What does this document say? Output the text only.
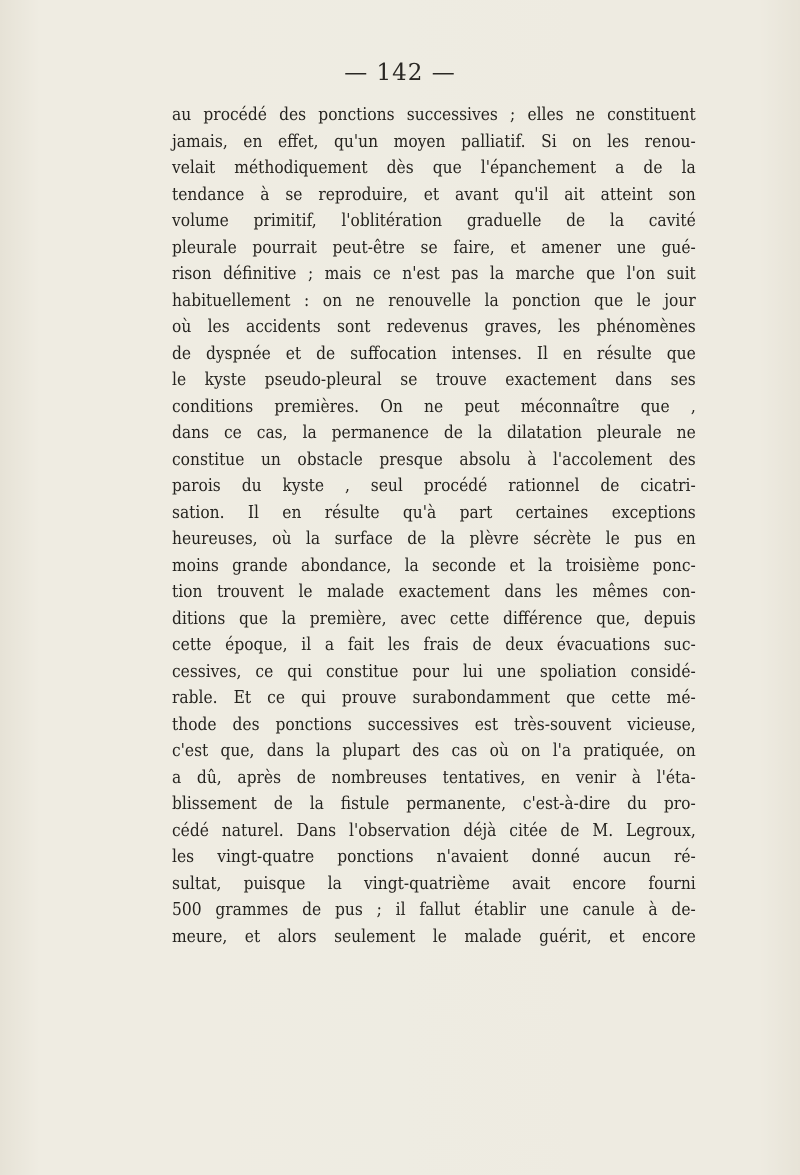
— 142 —
au procédé des ponctions successives ; elles ne constituent
jamais, en effet, qu'un moyen palliatif. Si on les renou-
velait méthodiquement dès que l'épanchement a de la
tendance à se reproduire, et avant qu'il ait atteint son
volume primitif, l'oblitération graduelle de la cavité
pleurale pourrait peut-être se faire, et amener une gué-
rison définitive ; mais ce n'est pas la marche que l'on suit
habituellement : on ne renouvelle la ponction que le jour
où les accidents sont redevenus graves, les phénomènes
de dyspnée et de suffocation intenses. Il en résulte que
le kyste pseudo-pleural se trouve exactement dans ses
conditions premières. On ne peut méconnaître que ,
dans ce cas, la permanence de la dilatation pleurale ne
constitue un obstacle presque absolu à l'accolement des
parois du kyste , seul procédé rationnel de cicatri-
sation. Il en résulte qu'à part certaines exceptions
heureuses, où la surface de la plèvre sécrète le pus en
moins grande abondance, la seconde et la troisième ponc-
tion trouvent le malade exactement dans les mêmes con-
ditions que la première, avec cette différence que, depuis
cette époque, il a fait les frais de deux évacuations suc-
cessives, ce qui constitue pour lui une spoliation considé-
rable. Et ce qui prouve surabondamment que cette mé-
thode des ponctions successives est très-souvent vicieuse,
c'est que, dans la plupart des cas où on l'a pratiquée, on
a dû, après de nombreuses tentatives, en venir à l'éta-
blissement de la fistule permanente, c'est-à-dire du pro-
cédé naturel. Dans l'observation déjà citée de M. Legroux,
les vingt-quatre ponctions n'avaient donné aucun ré-
sultat, puisque la vingt-quatrième avait encore fourni
500 grammes de pus ; il fallut établir une canule à de-
meure, et alors seulement le malade guérit, et encore
